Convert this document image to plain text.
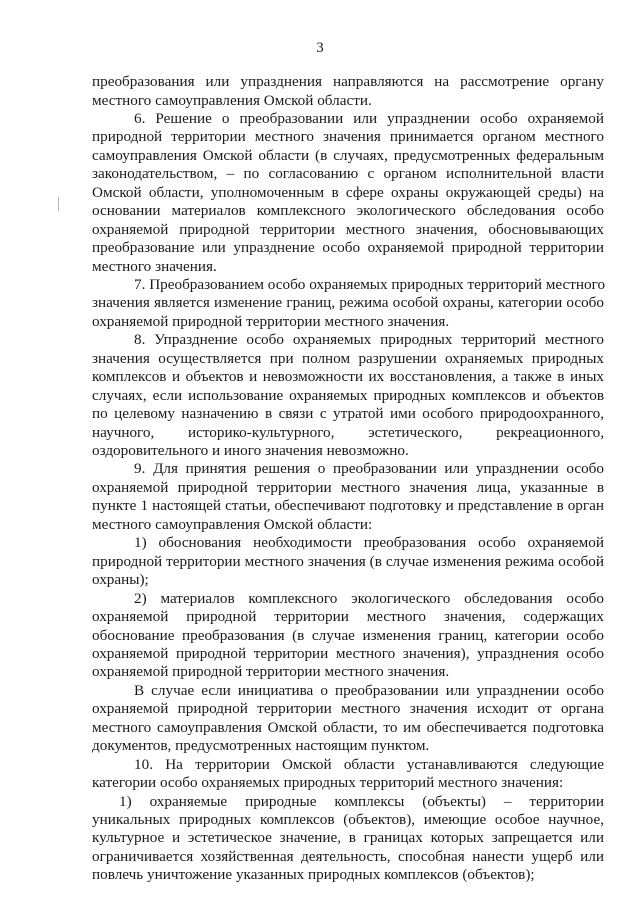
3
преобразования или упразднения направляются на рассмотрение органу
местного самоуправления Омской области.
6. Решение о преобразовании или упразднении особо охраняемой
природной территории местного значения принимается органом местного
самоуправления Омской области (в случаях, предусмотренных федеральным
законодательством, – по согласованию с органом исполнительной власти
Омской области, уполномоченным в сфере охраны окружающей среды) на
основании материалов комплексного экологического обследования особо
охраняемой природной территории местного значения, обосновывающих
преобразование или упразднение особо охраняемой природной территории
местного значения.
7. Преобразованием особо охраняемых природных территорий местного
значения является изменение границ, режима особой охраны, категории особо
охраняемой природной территории местного значения.
8. Упразднение особо охраняемых природных территорий местного
значения осуществляется при полном разрушении охраняемых природных
комплексов и объектов и невозможности их восстановления, а также в иных
случаях, если использование охраняемых природных комплексов и объектов
по целевому назначению в связи с утратой ими особого природоохранного,
научного, историко-культурного, эстетического, рекреационного,
оздоровительного и иного значения невозможно.
9. Для принятия решения о преобразовании или упразднении особо
охраняемой природной территории местного значения лица, указанные в
пункте 1 настоящей статьи, обеспечивают подготовку и представление в орган
местного самоуправления Омской области:
1) обоснования необходимости преобразования особо охраняемой
природной территории местного значения (в случае изменения режима особой
охраны);
2) материалов комплексного экологического обследования особо
охраняемой природной территории местного значения, содержащих
обоснование преобразования (в случае изменения границ, категории особо
охраняемой природной территории местного значения), упразднения особо
охраняемой природной территории местного значения.
В случае если инициатива о преобразовании или упразднении особо
охраняемой природной территории местного значения исходит от органа
местного самоуправления Омской области, то им обеспечивается подготовка
документов, предусмотренных настоящим пунктом.
10. На территории Омской области устанавливаются следующие
категории особо охраняемых природных территорий местного значения:
1) охраняемые природные комплексы (объекты) – территории
уникальных природных комплексов (объектов), имеющие особое научное,
культурное и эстетическое значение, в границах которых запрещается или
ограничивается хозяйственная деятельность, способная нанести ущерб или
повлечь уничтожение указанных природных комплексов (объектов);
